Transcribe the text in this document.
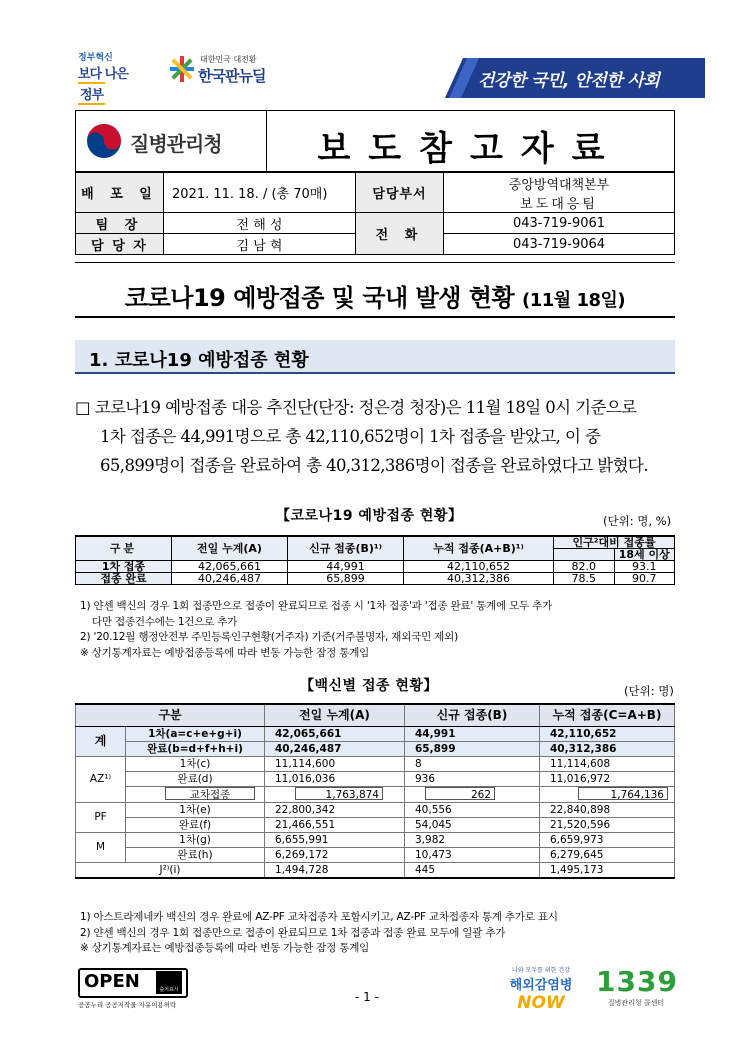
정부혁신
보다 나은 정부
대한민국 대전환
한국판뉴딜	건강한 국민, 안전한 사회
질병관리청	보도참고자료
배 포 일	2021. 11. 18. / (총 70매)	담당부서	중앙방역대책본부
보도대응팀

팀 장	전 해 성	전 화	043-719-9061
담 당 자	김 남 혁		043-719-9064
코로나19 예방접종 및 국내 발생 현황 (11월 18일)
1. 코로나19 예방접종 현황
□ 코로나19 예방접종 대응 추진단(단장: 정은경 청장)은 11월 18일 0시 기준으로
1차 접종은 44,991명으로 총 42,110,652명이 1차 접종을 받았고, 이 중
65,899명이 접종을 완료하여 총 40,312,386명이 접종을 완료하였다고 밝혔다.
【코로나19 예방접종 현황】	(단위: 명, %)
구분	전일 누계(A)	신규 접종(B)¹⁾	누적 접종(A+B)¹⁾	인구²대비 접종률
18세 이상	

1차 접종	42,065,661	44,991	42,110,652	82.0	93.1
접종 완료	40,246,487	65,899	40,312,386	78.5	90.7
1) 얀센 백신의 경우 1회 접종만으로 접종이 완료되므로 접종 시 '1차 접종'과 '접종 완료' 통계에 모두 추가
다만 접종건수에는 1건으로 추가
2) '20.12월 행정안전부 주민등록인구현황(거주자) 기준(거주불명자, 재외국민 제외)
※ 상기통계자료는 예방접종등록에 따라 변동 가능한 잠정 통계임
【백신별 접종 현황】	(단위: 명)
구분		전일 누계(A)	신규 접종(B)	누적 접종(C=A+B)
계	1차(a=c+e+g+i)	42,065,661	44,991	42,110,652
	완료(b=d+f+h+i)	40,246,487	65,899	40,312,386
AZ¹⁾	1차(c)	11,114,600	8	11,114,608
	완료(d)	11,016,036	936	11,016,972
	교차접종	1,763,874	262	1,764,136
PF	1차(e)	22,800,342	40,556	22,840,898
	완료(f)	21,466,551	54,045	21,520,596
M	1차(g)	6,655,991	3,982	6,659,973
	완료(h)	6,269,172	10,473	6,279,645
J²⁾(i)		1,494,728	445	1,495,173
1) 아스트라제네카 백신의 경우 완료에 AZ-PF 교차접종자 포함시키고, AZ-PF 교차접종자 통계 추가로 표시
2) 얀센 백신의 경우 1회 접종만으로 접종이 완료되므로 1차 접종과 접종 완료 모두에 일괄 추가
※ 상기통계자료는 예방접종등록에 따라 변동 가능한 잠정 통계임
OPEN	출처표시
공공누리 공공저작물 자유이용허락
- 1 -
나와 모두를 위한 건강
해외감염병
NOW
1339
질병관리청 콜센터
